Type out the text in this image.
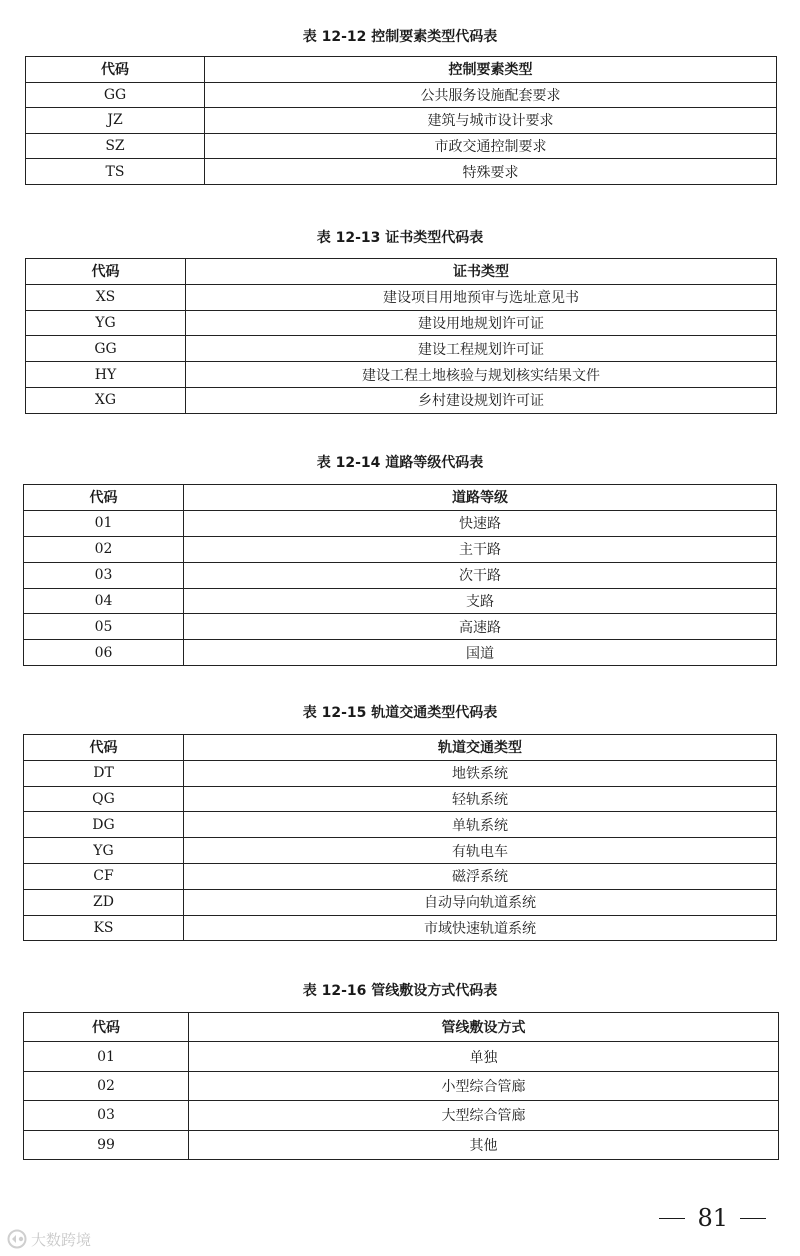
表 12-12 控制要素类型代码表
代码	控制要素类型
GG	公共服务设施配套要求
JZ	建筑与城市设计要求
SZ	市政交通控制要求
TS	特殊要求
表 12-13 证书类型代码表
代码	证书类型
XS	建设项目用地预审与选址意见书
YG	建设用地规划许可证
GG	建设工程规划许可证
HY	建设工程土地核验与规划核实结果文件
XG	乡村建设规划许可证
表 12-14 道路等级代码表
代码	道路等级
01	快速路
02	主干路
03	次干路
04	支路
05	高速路
06	国道
表 12-15 轨道交通类型代码表
代码	轨道交通类型
DT	地铁系统
QG	轻轨系统
DG	单轨系统
YG	有轨电车
CF	磁浮系统
ZD	自动导向轨道系统
KS	市域快速轨道系统
表 12-16 管线敷设方式代码表
代码	管线敷设方式
01	单独
02	小型综合管廊
03	大型综合管廊
99	其他
81
大数跨境
